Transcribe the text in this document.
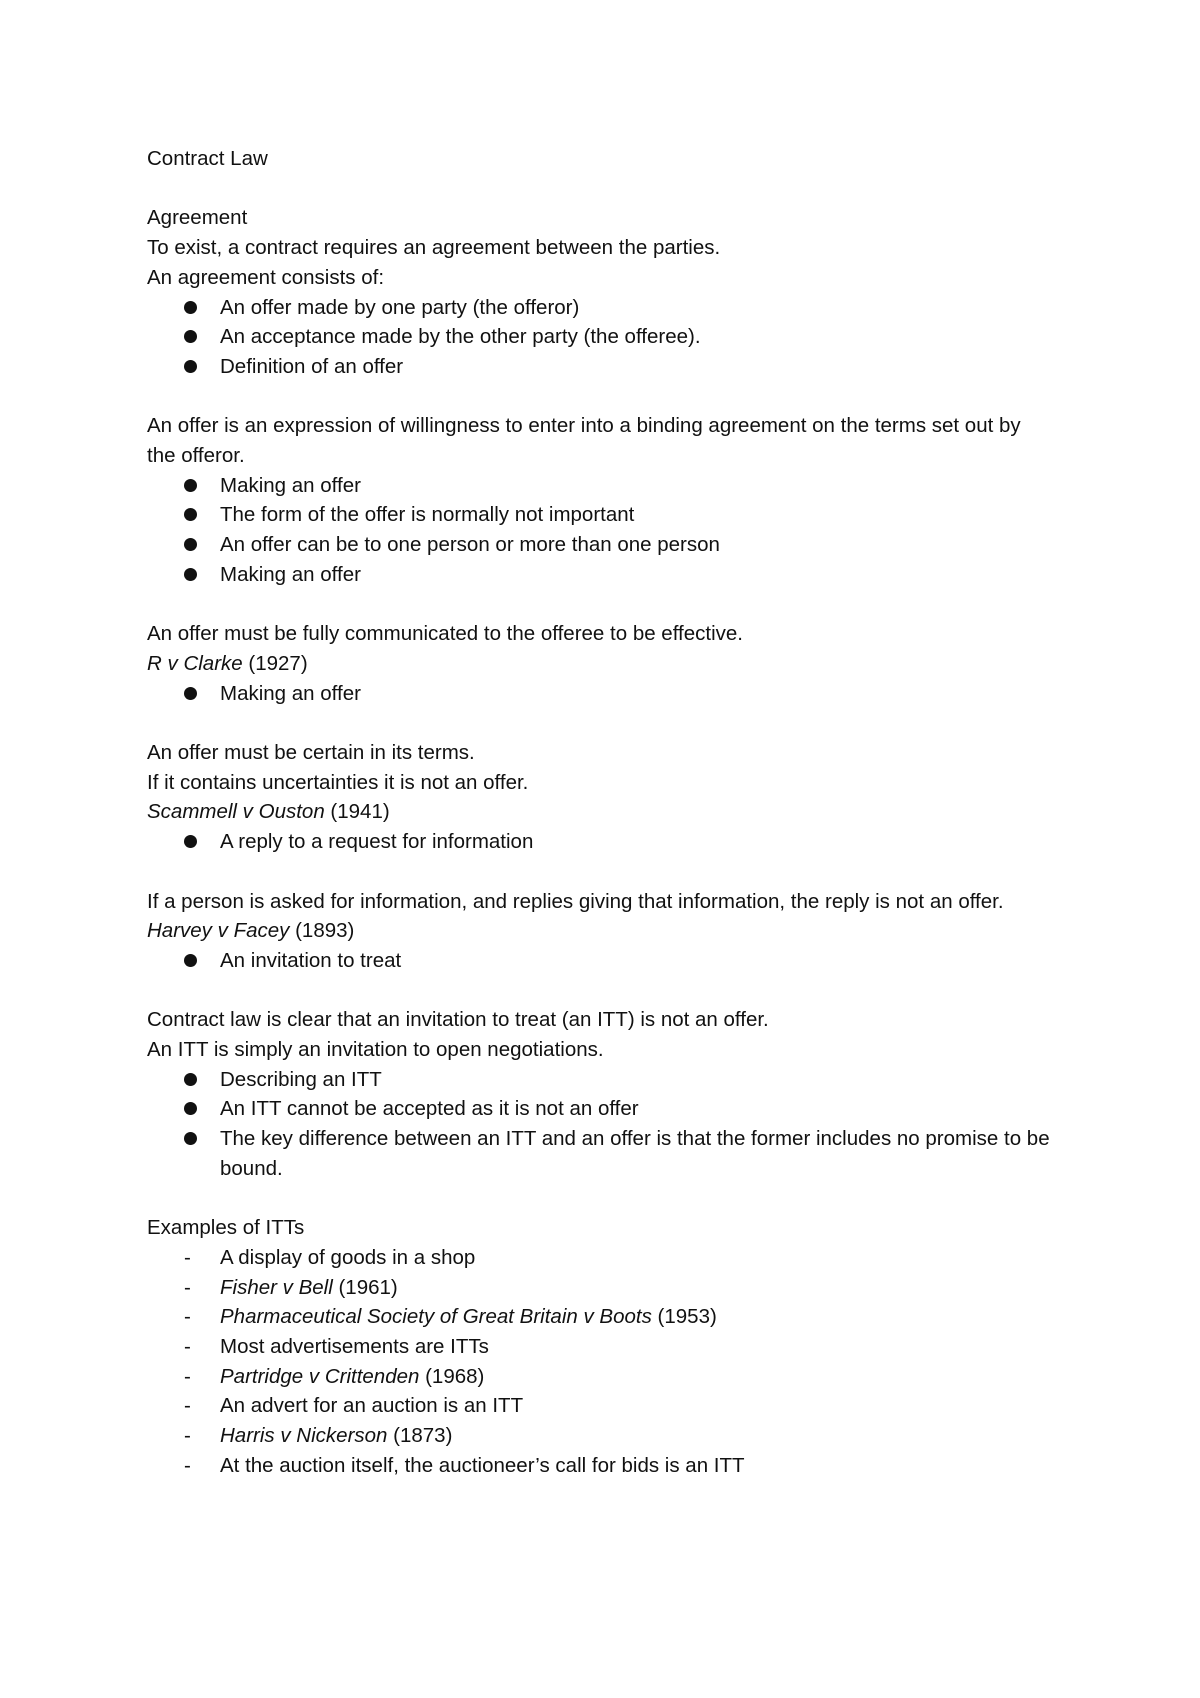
Contract Law

Agreement

To exist, a contract requires an agreement between the parties.

An agreement consists of:

An offer made by one party (the offeror)
An acceptance made by the other party (the offeree).
Definition of an offer

An offer is an expression of willingness to enter into a binding agreement on the terms set out by the offeror.

Making an offer
The form of the offer is normally not important
An offer can be to one person or more than one person
Making an offer

An offer must be fully communicated to the offeree to be effective.

R v Clarke (1927)

Making an offer

An offer must be certain in its terms.

If it contains uncertainties it is not an offer.

Scammell v Ouston (1941)

A reply to a request for information

If a person is asked for information, and replies giving that information, the reply is not an offer.

Harvey v Facey (1893)

An invitation to treat

Contract law is clear that an invitation to treat (an ITT) is not an offer.

An ITT is simply an invitation to open negotiations.

Describing an ITT
An ITT cannot be accepted as it is not an offer
The key difference between an ITT and an offer is that the former includes no promise to be bound.

Examples of ITTs

- A display of goods in a shop
- Fisher v Bell (1961)
- Pharmaceutical Society of Great Britain v Boots (1953)
- Most advertisements are ITTs
- Partridge v Crittenden (1968)
- An advert for an auction is an ITT
- Harris v Nickerson (1873)
- At the auction itself, the auctioneer’s call for bids is an ITT
